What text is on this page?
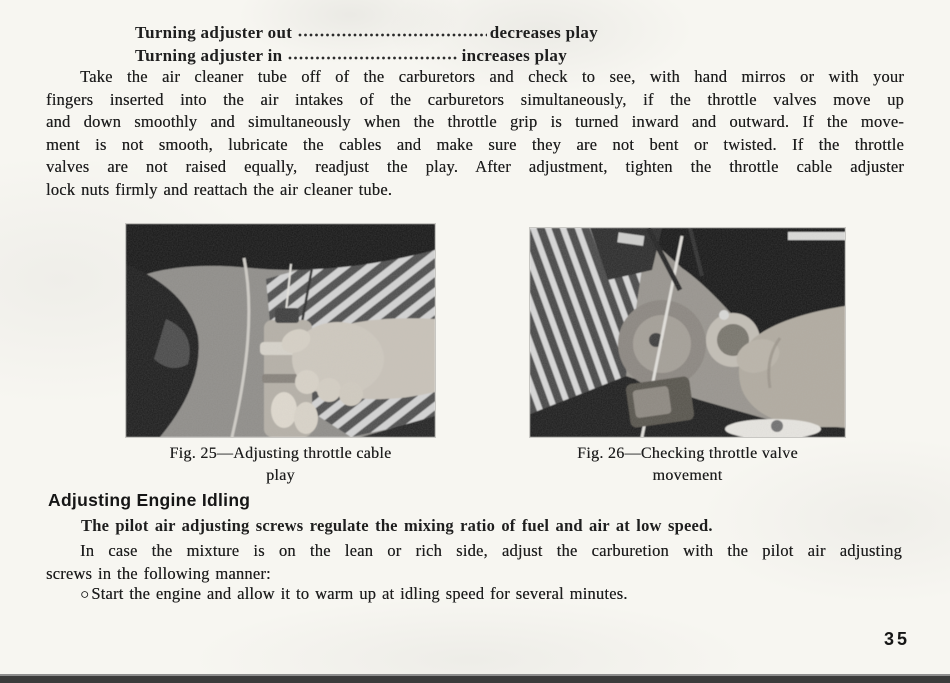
Turning adjuster out	decreases play
Turning adjuster in	increases play
Take the air cleaner tube off of the carburetors and check to see, with hand mirros or with your
fingers inserted into the air intakes of the carburetors simultaneously, if the throttle valves move up
and down smoothly and simultaneously when the throttle grip is turned inward and outward. If the move-
ment is not smooth, lubricate the cables and make sure they are not bent or twisted. If the throttle
valves are not raised equally, readjust the play. After adjustment, tighten the throttle cable adjuster
lock nuts firmly and reattach the air cleaner tube.
Fig. 25—Adjusting throttle cable
play
Fig. 26—Checking throttle valve
movement
Adjusting Engine Idling
The pilot air adjusting screws regulate the mixing ratio of fuel and air at low speed.
In case the mixture is on the lean or rich side, adjust the carburetion with the pilot air adjusting
screws in the following manner:
○ Start the engine and allow it to warm up at idling speed for several minutes.
35
